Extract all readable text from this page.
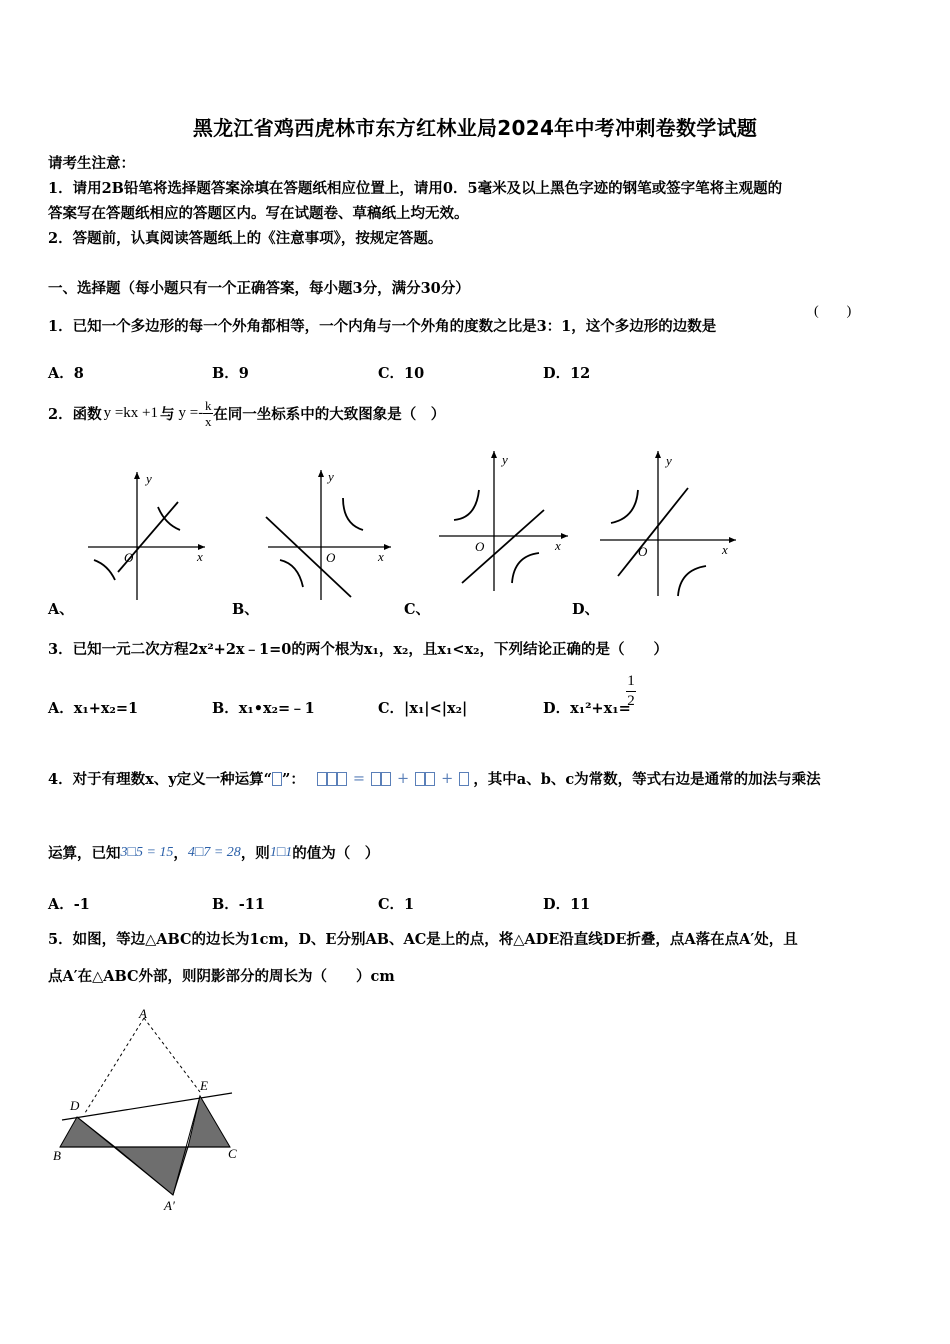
黑龙江省鸡西虎林市东方红林业局2024年中考冲刺卷数学试题
请考生注意：
1．请用2B铅笔将选择题答案涂填在答题纸相应位置上，请用0．5毫米及以上黑色字迹的钢笔或签字笔将主观题的
答案写在答题纸相应的答题区内。写在试题卷、草稿纸上均无效。
2．答题前，认真阅读答题纸上的《注意事项》，按规定答题。
一、选择题（每小题只有一个正确答案，每小题3分，满分30分）
1．已知一个多边形的每一个外角都相等，一个内角与一个外角的度数之比是3：1，这个多边形的边数是
(　　)
A．8	B．9	C．10	D．12
2．函数 y =kx +1 与 $y =- \frac{k}{x}$ 在同一坐标系中的大致图象是（　）
y
x
O
y
x
O
y
x
O
y
x
O
A、	B、	C、	D、
3．已知一元二次方程2x²+2x﹣1=0的两个根为x₁，x₂，且x₁<x₂，下列结论正确的是（　　）
A．x₁+x₂=1	B．x₁•x₂=﹣1	C．|x₁|<|x₂|	D．x₁²+x₁=
1
2
4．对于有理数x、y定义一种运算“ ”：	= + + ，其中a、b、c为常数，等式右边是通常的加法与乘法
运算，已知 3□5 = 15 ， 4□7 = 28 ，则 1□1 的值为（　）
A．-1	B．-11	C．1	D．11
5．如图，等边△ABC的边长为1cm，D、E分别AB、AC是上的点，将△ADE沿直线DE折叠，点A落在点A′处，且
点A′在△ABC外部，则阴影部分的周长为（　　）cm
A
B	C
D
E
A′
